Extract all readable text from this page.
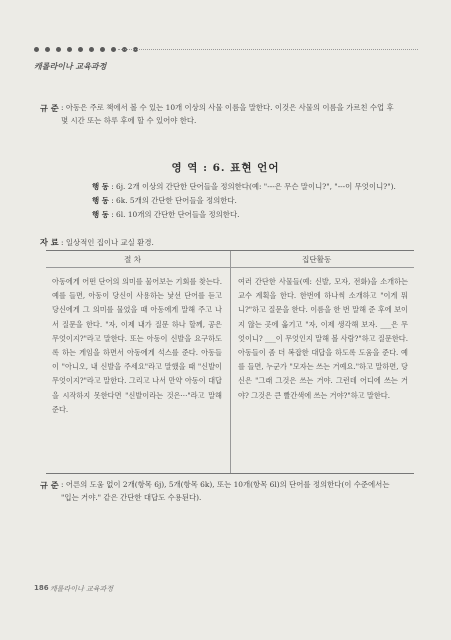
캐롤라이나 교육과정
규 준 : 아동은 주로 책에서 볼 수 있는 10개 이상의 사물 이름을 말한다. 이것은 사물의 이름을 가르친 수업 후 몇 시간 또는 하루 후에 할 수 있어야 한다.
영 역 : 6. 표현 언어
행 동 : 6j. 2개 이상의 간단한 단어들을 정의한다(예: "---은 무슨 말이니?", "---이 무엇이니?").
행 동 : 6k. 5개의 간단한 단어들을 정의한다.
행 동 : 6l. 10개의 간단한 단어들을 정의한다.
자 료 : 일상적인 집이나 교실 환경.
절 차	집단활동
아동에게 어떤 단어의 의미를 물어보는 기회를 찾는다. 예를 들면, 아동이 당신이 사용하는 낯선 단어를 듣고 당신에게 그 의미를 물었을 때 아동에게 말해 주고 나서 질문을 한다. "자, 이제 내가 질문 하나 할께, 공은 무엇이지?"라고 말한다. 또는 아동이 신발을 요구하도록 하는 게임을 하면서 아동에게 석스를 준다. 아동들이 "아니오, 내 신발을 주세요"라고 말했을 때 "신발이 무엇이지?"라고 말한다. 그리고 나서 만약 아동이 대답을 시작하지 못한다면 "신발이라는 것은···"라고 말해 준다.
여러 간단한 사물들(예: 신발, 모자, 전화)을 소개하는 교수 계획을 한다. 한번에 하나씩 소개하고 "이게 뭐니?"하고 질문을 한다. 이름을 한 번 말해 준 후에 보이지 않는 곳에 옮기고 "자, 이제 생각해 보자. ___은 무엇이니? ___이 무엇인지 말해 볼 사람?"하고 질문한다. 아동들이 좀 더 복잡한 대답을 하도록 도움을 준다. 예를 들면, 누군가 "모자는 쓰는 거예요."하고 말하면, 당신은 "그래 그것은 쓰는 거야. 그런데 어디에 쓰는 거야? 그것은 큰 빨간색에 쓰는 거야?"하고 말한다.
규 준 : 어른의 도움 없이 2개(항목 6j), 5개(항목 6k), 또는 10개(항목 6l)의 단어를 정의한다(이 수준에서는 "입는 거야." 같은 간단한 대답도 수용된다).
186 캐롤라이나 교육과정
